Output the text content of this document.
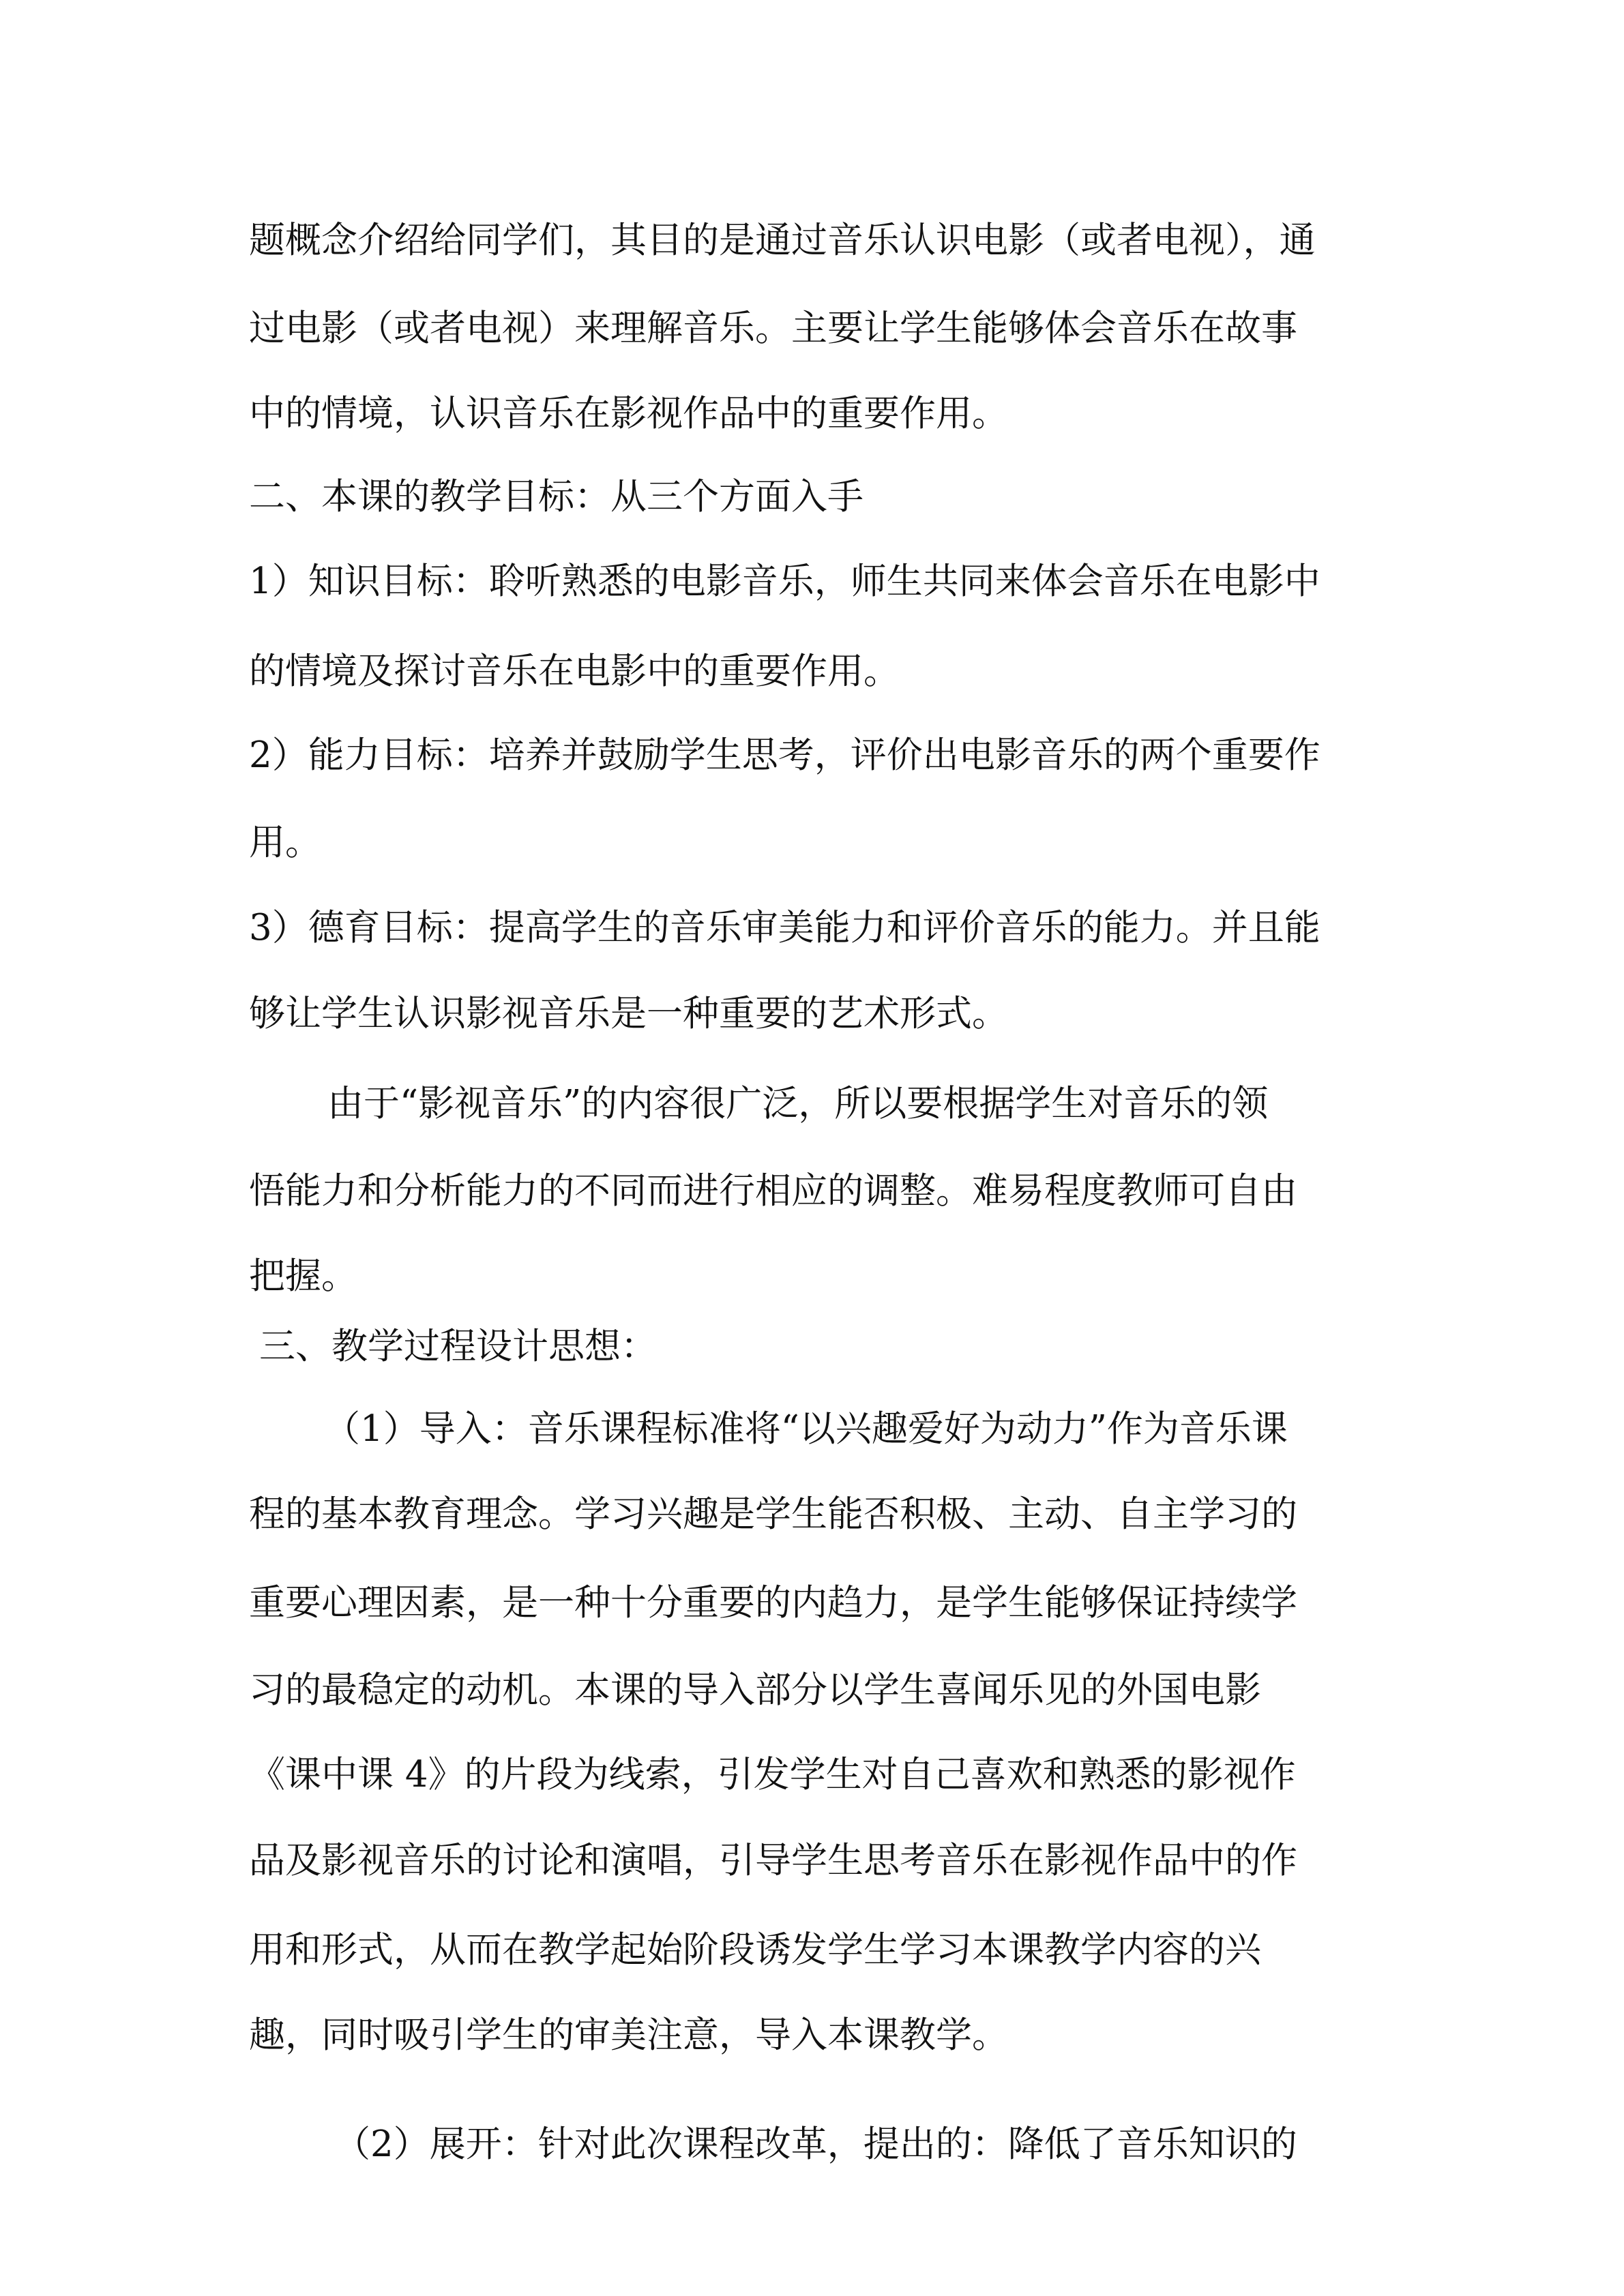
题概念介绍给同学们，其目的是通过音乐认识电影（或者电视），通

过电影（或者电视）来理解音乐。主要让学生能够体会音乐在故事

中的情境，认识音乐在影视作品中的重要作用。

二、本课的教学目标：从三个方面入手

1）知识目标：聆听熟悉的电影音乐，师生共同来体会音乐在电影中

的情境及探讨音乐在电影中的重要作用。

2）能力目标：培养并鼓励学生思考，评价出电影音乐的两个重要作

用。

3）德育目标：提高学生的音乐审美能力和评价音乐的能力。并且能

够让学生认识影视音乐是一种重要的艺术形式。

由于“影视音乐”的内容很广泛，所以要根据学生对音乐的领

悟能力和分析能力的不同而进行相应的调整。难易程度教师可自由

把握。

三、教学过程设计思想：

（1）导入：音乐课程标准将“以兴趣爱好为动力”作为音乐课

程的基本教育理念。学习兴趣是学生能否积极、主动、自主学习的

重要心理因素，是一种十分重要的内趋力，是学生能够保证持续学

习的最稳定的动机。本课的导入部分以学生喜闻乐见的外国电影

《课中课 4》的片段为线索，引发学生对自己喜欢和熟悉的影视作

品及影视音乐的讨论和演唱，引导学生思考音乐在影视作品中的作

用和形式，从而在教学起始阶段诱发学生学习本课教学内容的兴

趣，同时吸引学生的审美注意，导入本课教学。

（2）展开：针对此次课程改革，提出的：降低了音乐知识的
